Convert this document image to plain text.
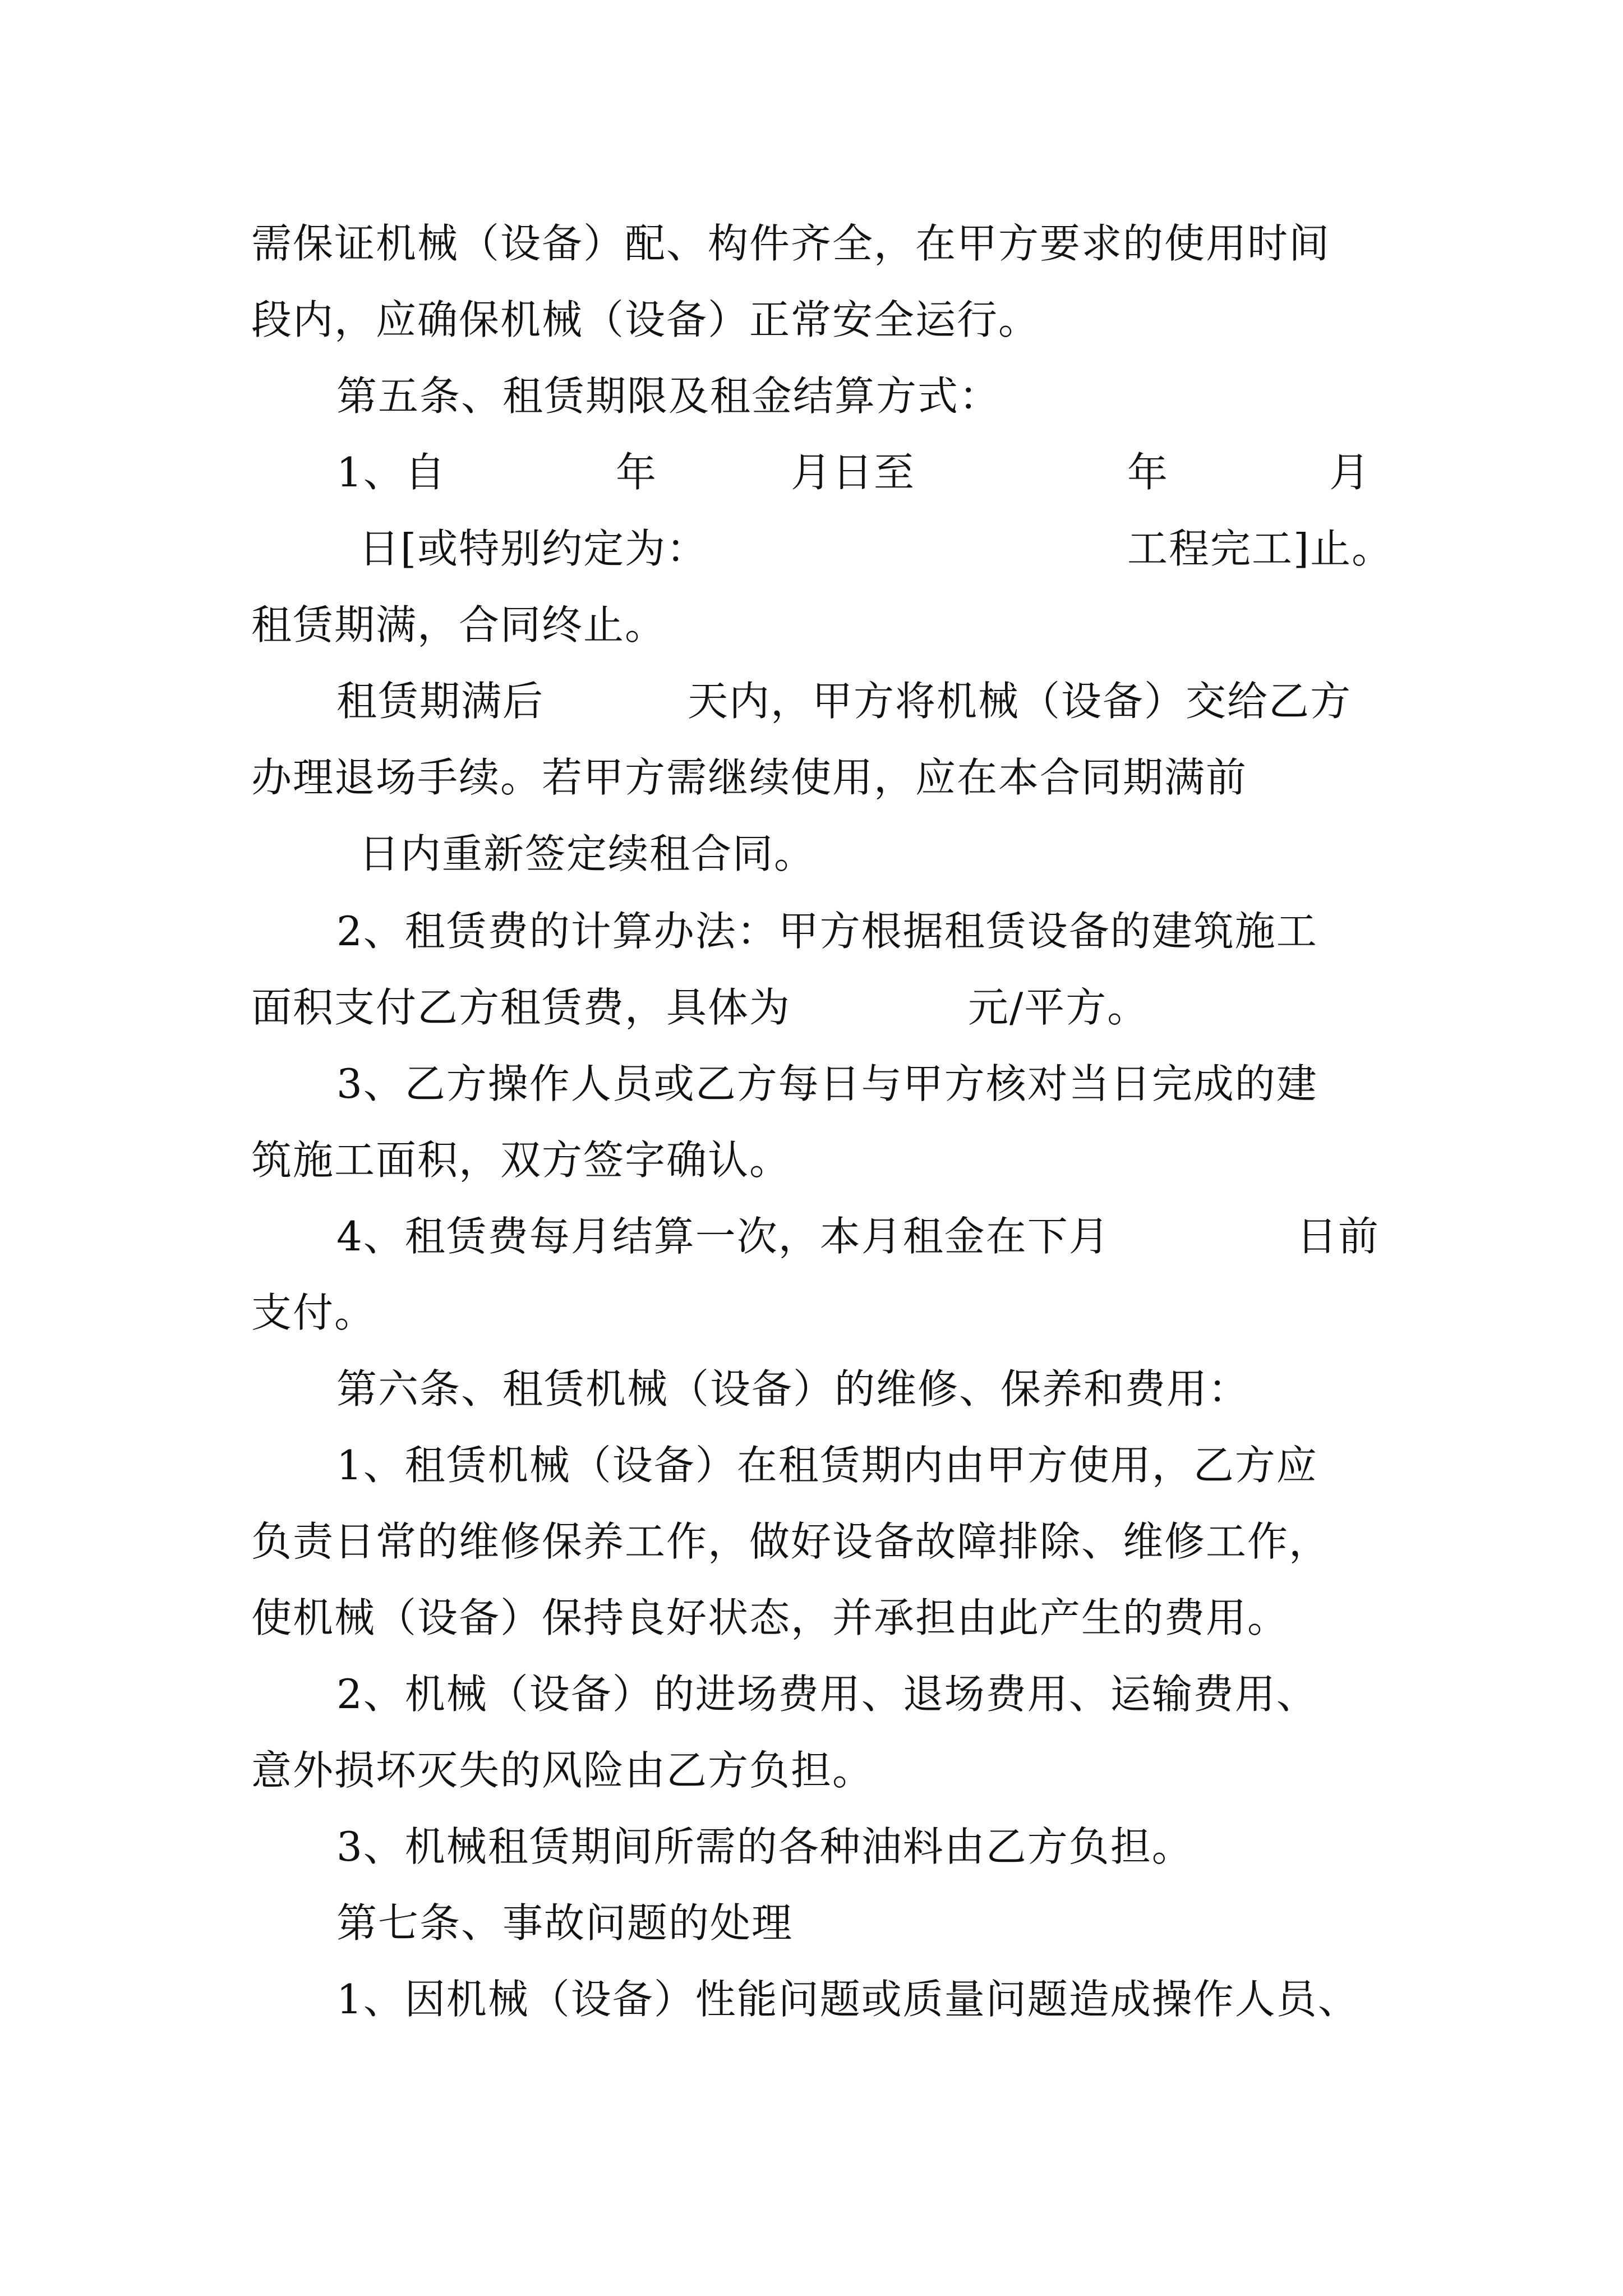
需保证机械（设备）配、构件齐全，在甲方要求的使用时间

段内，应确保机械（设备）正常安全运行。

第五条、租赁期限及租金结算方式：

1、自

	年

	月日至

	年

	月

日[或特别约定为：

	工程完工]止。

租赁期满，合同终止。

租赁期满后

	天内，甲方将机械（设备）交给乙方

办理退场手续。若甲方需继续使用，应在本合同期满前

日内重新签定续租合同。

2、租赁费的计算办法：甲方根据租赁设备的建筑施工

面积支付乙方租赁费，具体为

	元/平方。

3、乙方操作人员或乙方每日与甲方核对当日完成的建

筑施工面积，双方签字确认。

4、租赁费每月结算一次，本月租金在下月

	日前

支付。

第六条、租赁机械（设备）的维修、保养和费用：

1、租赁机械（设备）在租赁期内由甲方使用，乙方应

负责日常的维修保养工作，做好设备故障排除、维修工作，

使机械（设备）保持良好状态，并承担由此产生的费用。

2、机械（设备）的进场费用、退场费用、运输费用、

意外损坏灭失的风险由乙方负担。

3、机械租赁期间所需的各种油料由乙方负担。

第七条、事故问题的处理

1、因机械（设备）性能问题或质量问题造成操作人员、
